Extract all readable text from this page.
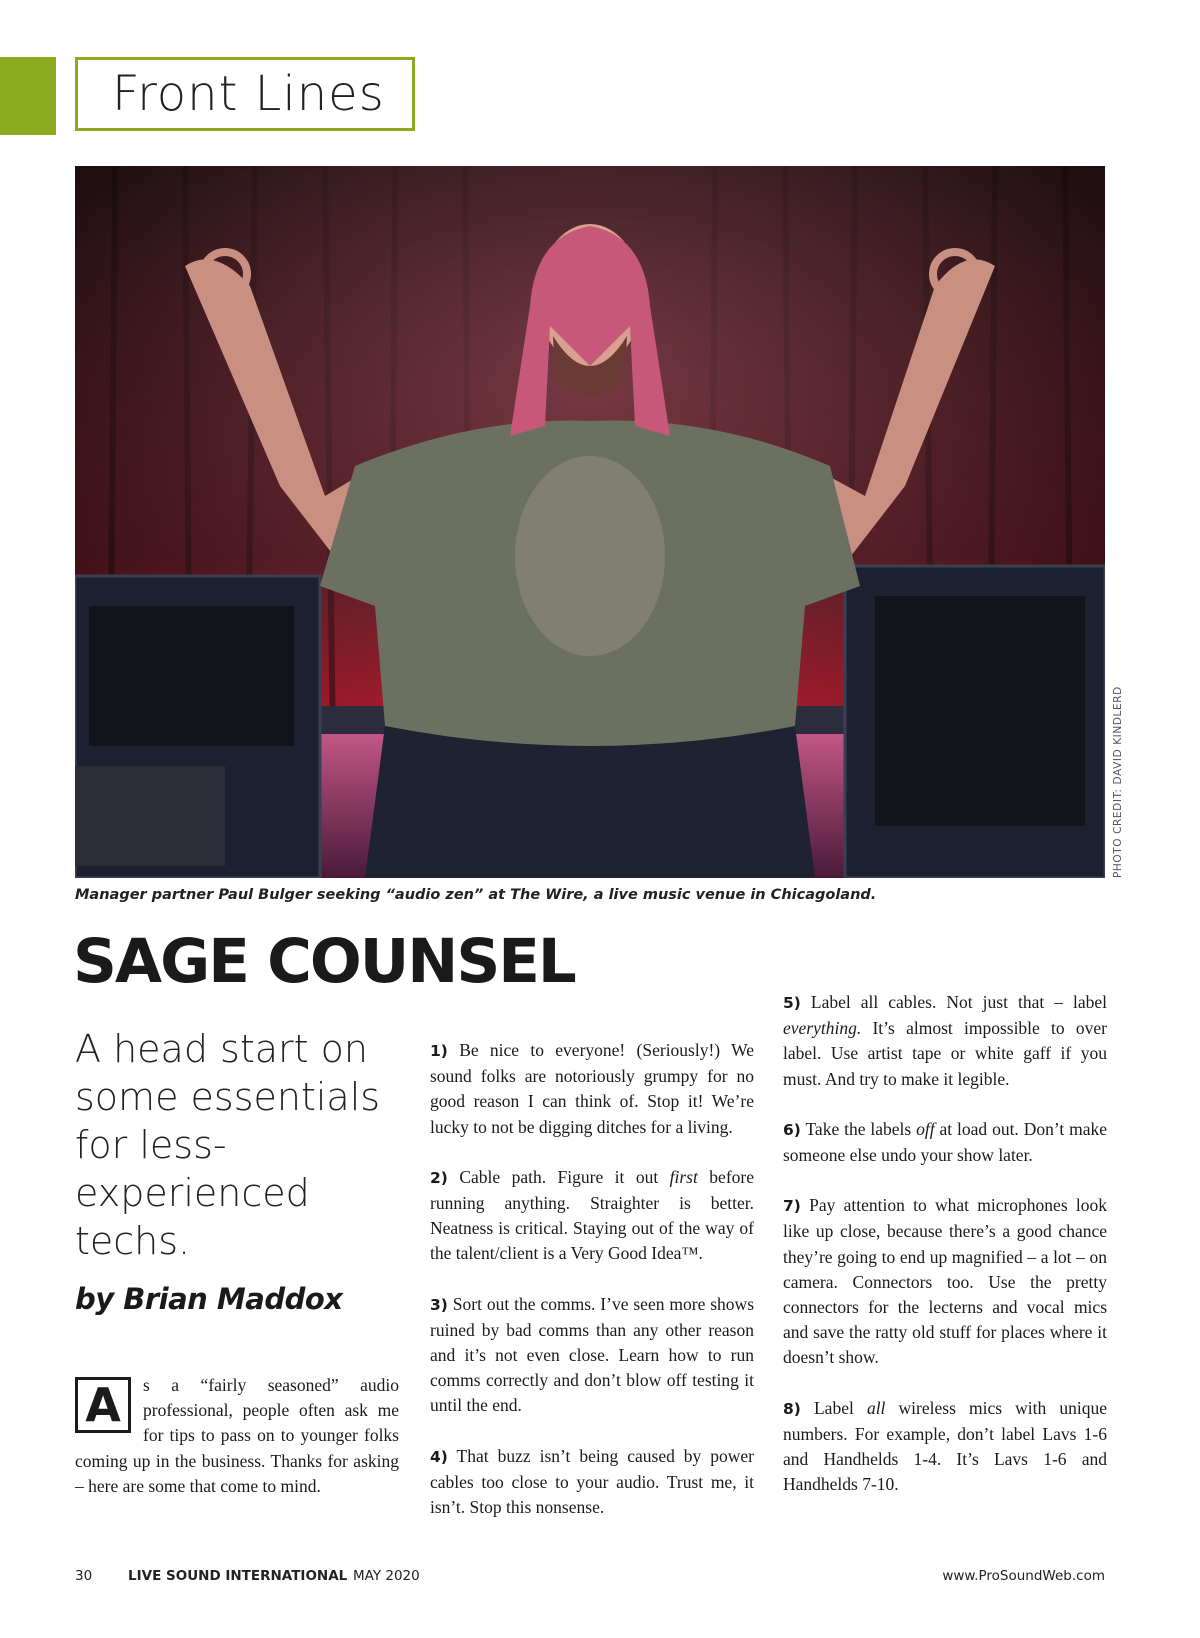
Front Lines
PHOTO CREDIT: DAVID KINDLERD
Manager partner Paul Bulger seeking “audio zen” at The Wire, a live music venue in Chicagoland.
SAGE COUNSEL
A head start on some essentials for less-experienced techs.
by Brian Maddox

A	s a “fairly seasoned” audio professional, people often ask me for tips to pass on to younger folks coming up in the business. Thanks for asking – here are some that come to mind.

1) Be nice to everyone! (Seriously!) We sound folks are notoriously grumpy for no good reason I can think of. Stop it! We’re lucky to not be digging ditches for a living.

2) Cable path. Figure it out first before running anything. Straighter is better. Neatness is critical. Staying out of the way of the talent/client is a Very Good Idea™.

3) Sort out the comms. I’ve seen more shows ruined by bad comms than any other reason and it’s not even close. Learn how to run comms correctly and don’t blow off testing it until the end.

4) That buzz isn’t being caused by power cables too close to your audio. Trust me, it isn’t. Stop this nonsense.

5) Label all cables. Not just that – label everything. It’s almost impossible to over label. Use artist tape or white gaff if you must. And try to make it legible.

6) Take the labels off at load out. Don’t make someone else undo your show later.

7) Pay attention to what microphones look like up close, because there’s a good chance they’re going to end up magnified – a lot – on camera. Connectors too. Use the pretty connectors for the lecterns and vocal mics and save the ratty old stuff for places where it doesn’t show.

8) Label all wireless mics with unique numbers. For example, don’t label Lavs 1-6 and Handhelds 1-4. It’s Lavs 1-6 and Handhelds 7-10.

30	LIVE SOUND INTERNATIONAL MAY 2020	www.ProSoundWeb.com
